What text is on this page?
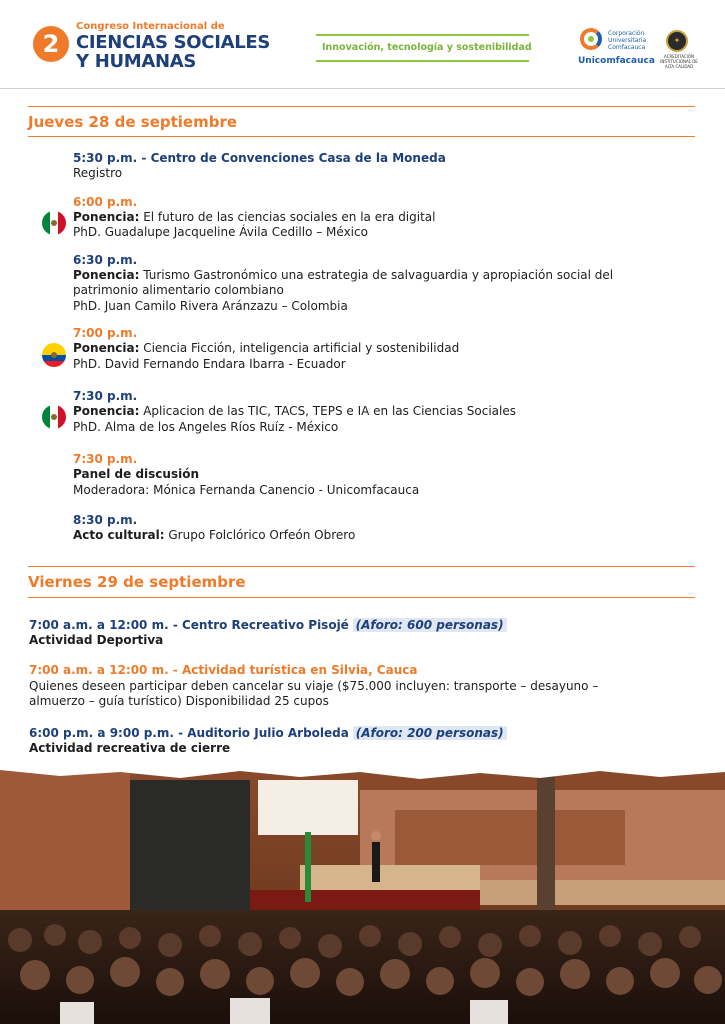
2
Congreso Internacional de
CIENCIAS SOCIALES
Y HUMANAS
Innovación, tecnología y sostenibilidad
Corporación Universitaria Comfacauca
Unicomfacauca
✦
ACREDITACIÓN INSTITUCIONAL DE ALTA CALIDAD
Jueves 28 de septiembre
5:30 p.m. - Centro de Convenciones Casa de la Moneda
Registro
6:00 p.m.
Ponencia: El futuro de las ciencias sociales en la era digital
PhD. Guadalupe Jacqueline Ávila Cedillo – México
6:30 p.m.
Ponencia: Turismo Gastronómico una estrategia de salvaguardia y apropiación social del
patrimonio alimentario colombiano
PhD. Juan Camilo Rivera Aránzazu – Colombia
7:00 p.m.
Ponencia: Ciencia Ficción, inteligencia artificial y sostenibilidad
PhD. David Fernando Endara Ibarra - Ecuador
7:30 p.m.
Ponencia: Aplicacion de las TIC, TACS, TEPS e IA en las Ciencias Sociales
PhD. Alma de los Angeles Ríos Ruíz - México
7:30 p.m.
Panel de discusión
Moderadora: Mónica Fernanda Canencio - Unicomfacauca
8:30 p.m.
Acto cultural: Grupo Folclórico Orfeón Obrero
Viernes 29 de septiembre
7:00 a.m. a 12:00 m. - Centro Recreativo Pisojé (Aforo: 600 personas)
Actividad Deportiva
7:00 a.m. a 12:00 m. - Actividad turística en Silvia, Cauca
Quienes deseen participar deben cancelar su viaje ($75.000 incluyen: transporte – desayuno –
almuerzo – guía turístico) Disponibilidad 25 cupos
6:00 p.m. a 9:00 p.m. - Auditorio Julio Arboleda (Aforo: 200 personas)
Actividad recreativa de cierre
